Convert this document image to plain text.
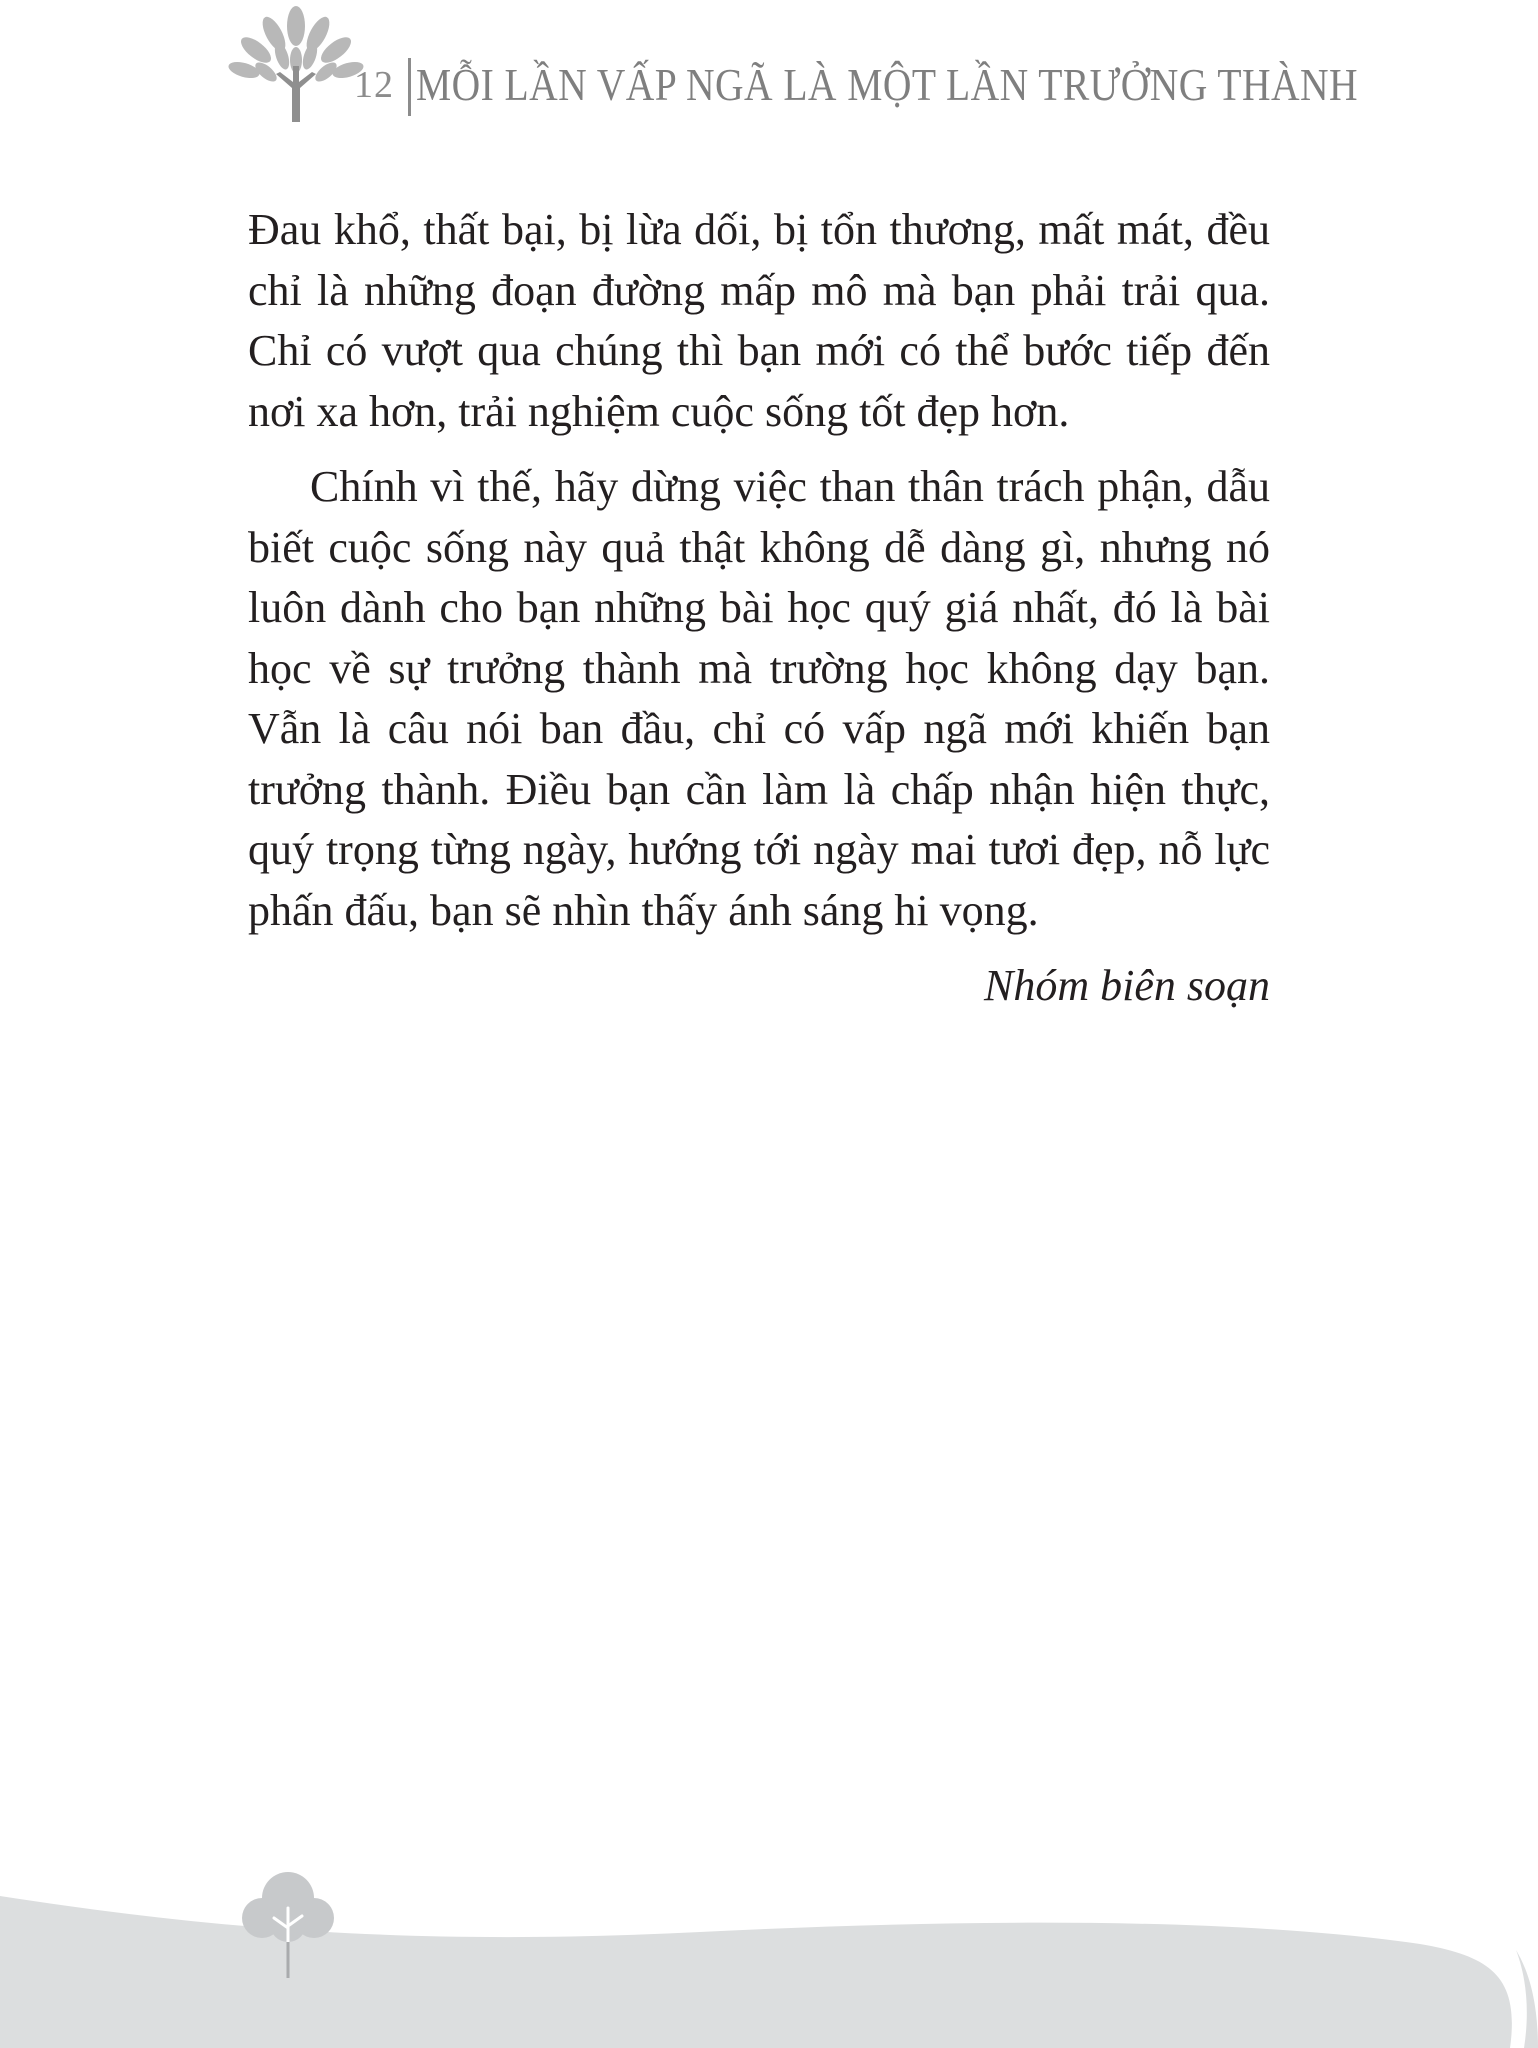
12 MỖI LẦN VẤP NGÃ LÀ MỘT LẦN TRƯỞNG THÀNH

Đau khổ, thất bại, bị lừa dối, bị tổn thương, mất mát, đều chỉ là những đoạn đường mấp mô mà bạn phải trải qua. Chỉ có vượt qua chúng thì bạn mới có thể bước tiếp đến nơi xa hơn, trải nghiệm cuộc sống tốt đẹp hơn.

Chính vì thế, hãy dừng việc than thân trách phận, dẫu biết cuộc sống này quả thật không dễ dàng gì, nhưng nó luôn dành cho bạn những bài học quý giá nhất, đó là bài học về sự trưởng thành mà trường học không dạy bạn. Vẫn là câu nói ban đầu, chỉ có vấp ngã mới khiến bạn trưởng thành. Điều bạn cần làm là chấp nhận hiện thực, quý trọng từng ngày, hướng tới ngày mai tươi đẹp, nỗ lực phấn đấu, bạn sẽ nhìn thấy ánh sáng hi vọng.

Nhóm biên soạn
